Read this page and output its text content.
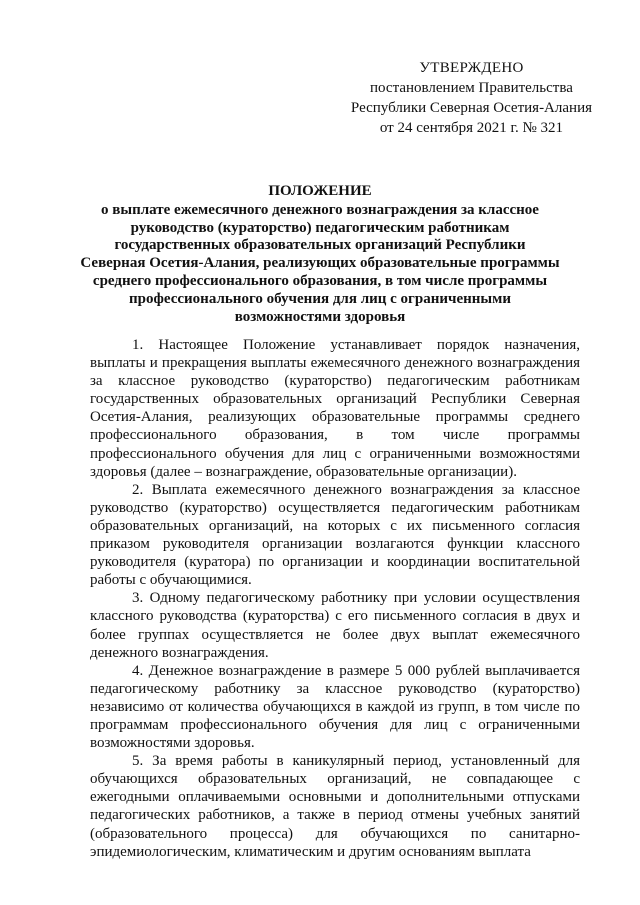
УТВЕРЖДЕНО
постановлением Правительства
Республики Северная Осетия-Алания
от 24 сентября 2021 г. № 321
ПОЛОЖЕНИЕ
о выплате ежемесячного денежного вознаграждения за классное
руководство (кураторство) педагогическим работникам
государственных образовательных организаций Республики
Северная Осетия-Алания, реализующих образовательные программы
среднего профессионального образования, в том числе программы
профессионального обучения для лиц с ограниченными
возможностями здоровья

1. Настоящее Положение устанавливает порядок назначения, выплаты и прекращения выплаты ежемесячного денежного вознаграждения за классное руководство (кураторство) педагогическим работникам государственных образовательных организаций Республики Северная Осетия-Алания, реализующих образовательные программы среднего профессионального образования, в том числе программы профессионального обучения для лиц с ограниченными возможностями здоровья (далее – вознаграждение, образовательные организации).

2. Выплата ежемесячного денежного вознаграждения за классное руководство (кураторство) осуществляется педагогическим работникам образовательных организаций, на которых с их письменного согласия приказом руководителя организации возлагаются функции классного руководителя (куратора) по организации и координации воспитательной работы с обучающимися.

3. Одному педагогическому работнику при условии осуществления классного руководства (кураторства) с его письменного согласия в двух и более группах осуществляется не более двух выплат ежемесячного денежного вознаграждения.

4. Денежное вознаграждение в размере 5 000 рублей выплачивается педагогическому работнику за классное руководство (кураторство) независимо от количества обучающихся в каждой из групп, в том числе по программам профессионального обучения для лиц с ограниченными возможностями здоровья.

5. За время работы в каникулярный период, установленный для обучающихся образовательных организаций, не совпадающее с ежегодными оплачиваемыми основными и дополнительными отпусками педагогических работников, а также в период отмены учебных занятий (образовательного процесса) для обучающихся по санитарно-эпидемиологическим, климатическим и другим основаниям выплата
